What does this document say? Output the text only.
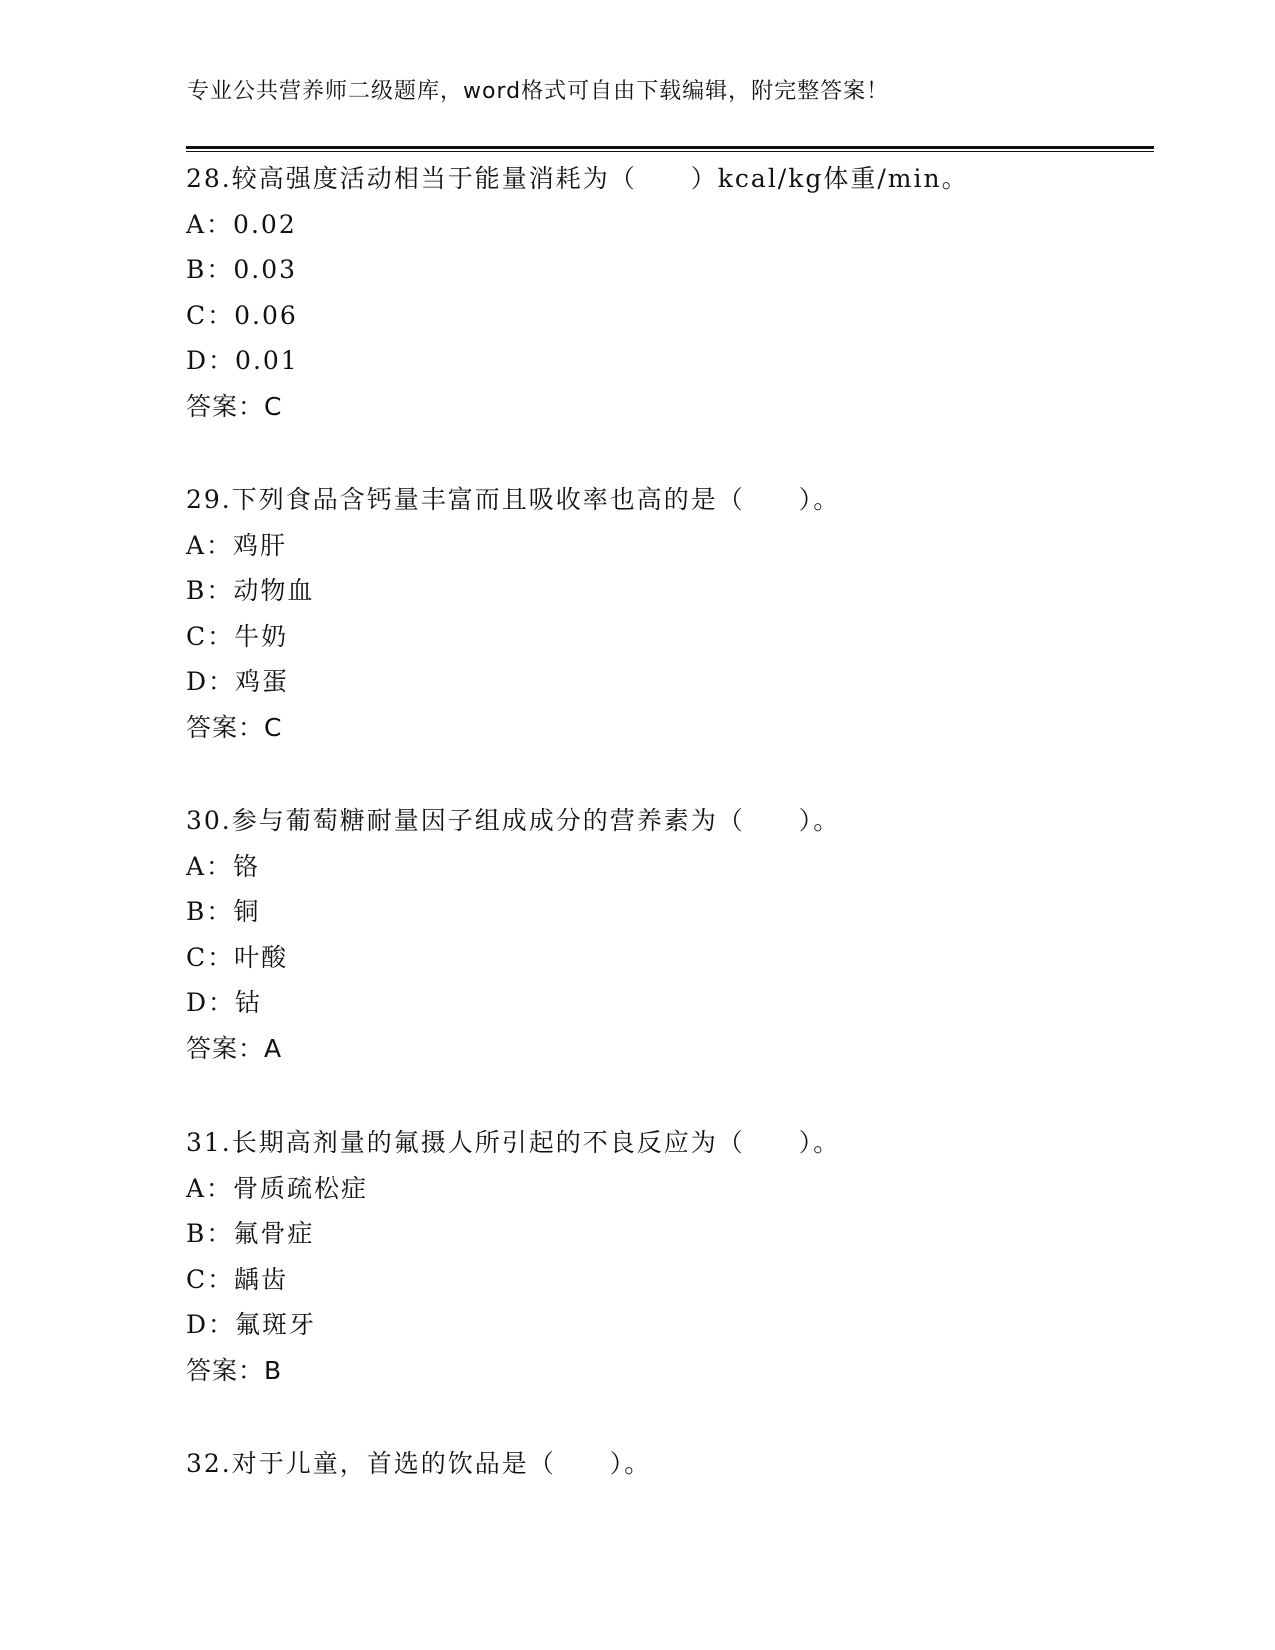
专业公共营养师二级题库，word格式可自由下载编辑，附完整答案！
28.较高强度活动相当于能量消耗为（　　）kcal/kg体重/min。
A：0.02
B：0.03
C：0.06
D：0.01
答案：C
29.下列食品含钙量丰富而且吸收率也高的是（　　）。
A：鸡肝
B：动物血
C：牛奶
D：鸡蛋
答案：C
30.参与葡萄糖耐量因子组成成分的营养素为（　　）。
A：铬
B：铜
C：叶酸
D：钴
答案：A
31.长期高剂量的氟摄人所引起的不良反应为（　　）。
A：骨质疏松症
B：氟骨症
C：龋齿
D：氟斑牙
答案：B
32.对于儿童，首选的饮品是（　　）。
